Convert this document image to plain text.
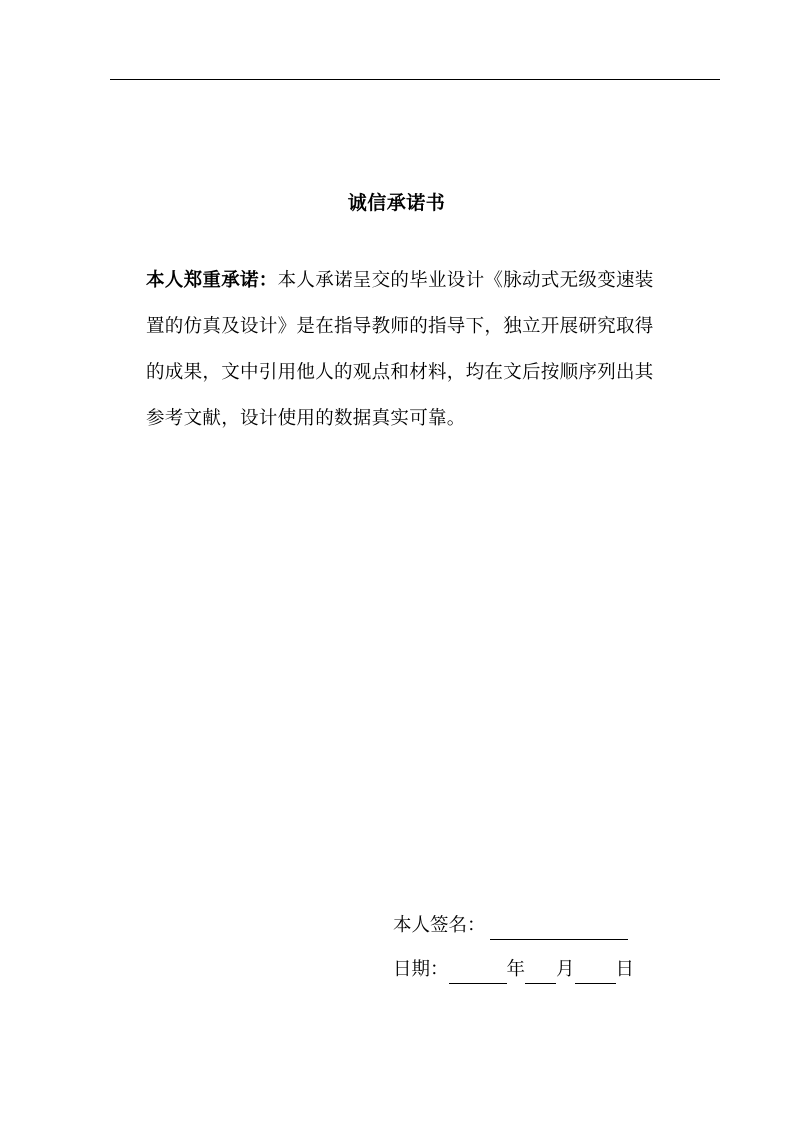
诚信承诺书

本人郑重承诺：本人承诺呈交的毕业设计《脉动式无级变速装
置的仿真及设计》是在指导教师的指导下，独立开展研究取得
的成果，文中引用他人的观点和材料，均在文后按顺序列出其
参考文献，设计使用的数据真实可靠。

本人签名：
日期：	年 月 日
